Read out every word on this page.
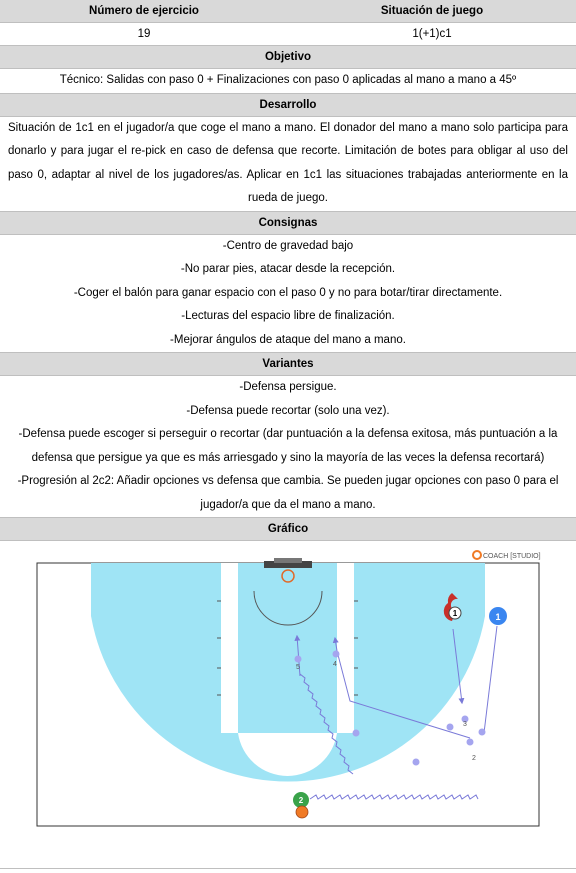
Número de ejercicio	Situación de juego
19	1(+1)c1
Objetivo
Técnico: Salidas con paso 0 + Finalizaciones con paso 0 aplicadas al mano a mano a 45º
Desarrollo
Situación de 1c1 en el jugador/a que coge el mano a mano. El donador del mano a mano solo participa para donarlo y para jugar el re-pick en caso de defensa que recorte. Limitación de botes para obligar al uso del paso 0, adaptar al nivel de los jugadores/as. Aplicar en 1c1 las situaciones trabajadas anteriormente en la rueda de juego.
Consignas

-Centro de gravedad bajo

-No parar pies, atacar desde la recepción.

-Coger el balón para ganar espacio con el paso 0 y no para botar/tirar directamente.

-Lecturas del espacio libre de finalización.

-Mejorar ángulos de ataque del mano a mano.

Variantes

-Defensa persigue.

-Defensa puede recortar (solo una vez).

-Defensa puede escoger si perseguir o recortar (dar puntuación a la defensa exitosa, más puntuación a la defensa que persigue ya que es más arriesgado y sino la mayoría de las veces la defensa recortará)

-Progresión al 2c2: Añadir opciones vs defensa que cambia. Se pueden jugar opciones con paso 0 para el jugador/a que da el mano a mano.

Gráfico
COACH [STUDIO]
5	4
3
2
1	1
2
